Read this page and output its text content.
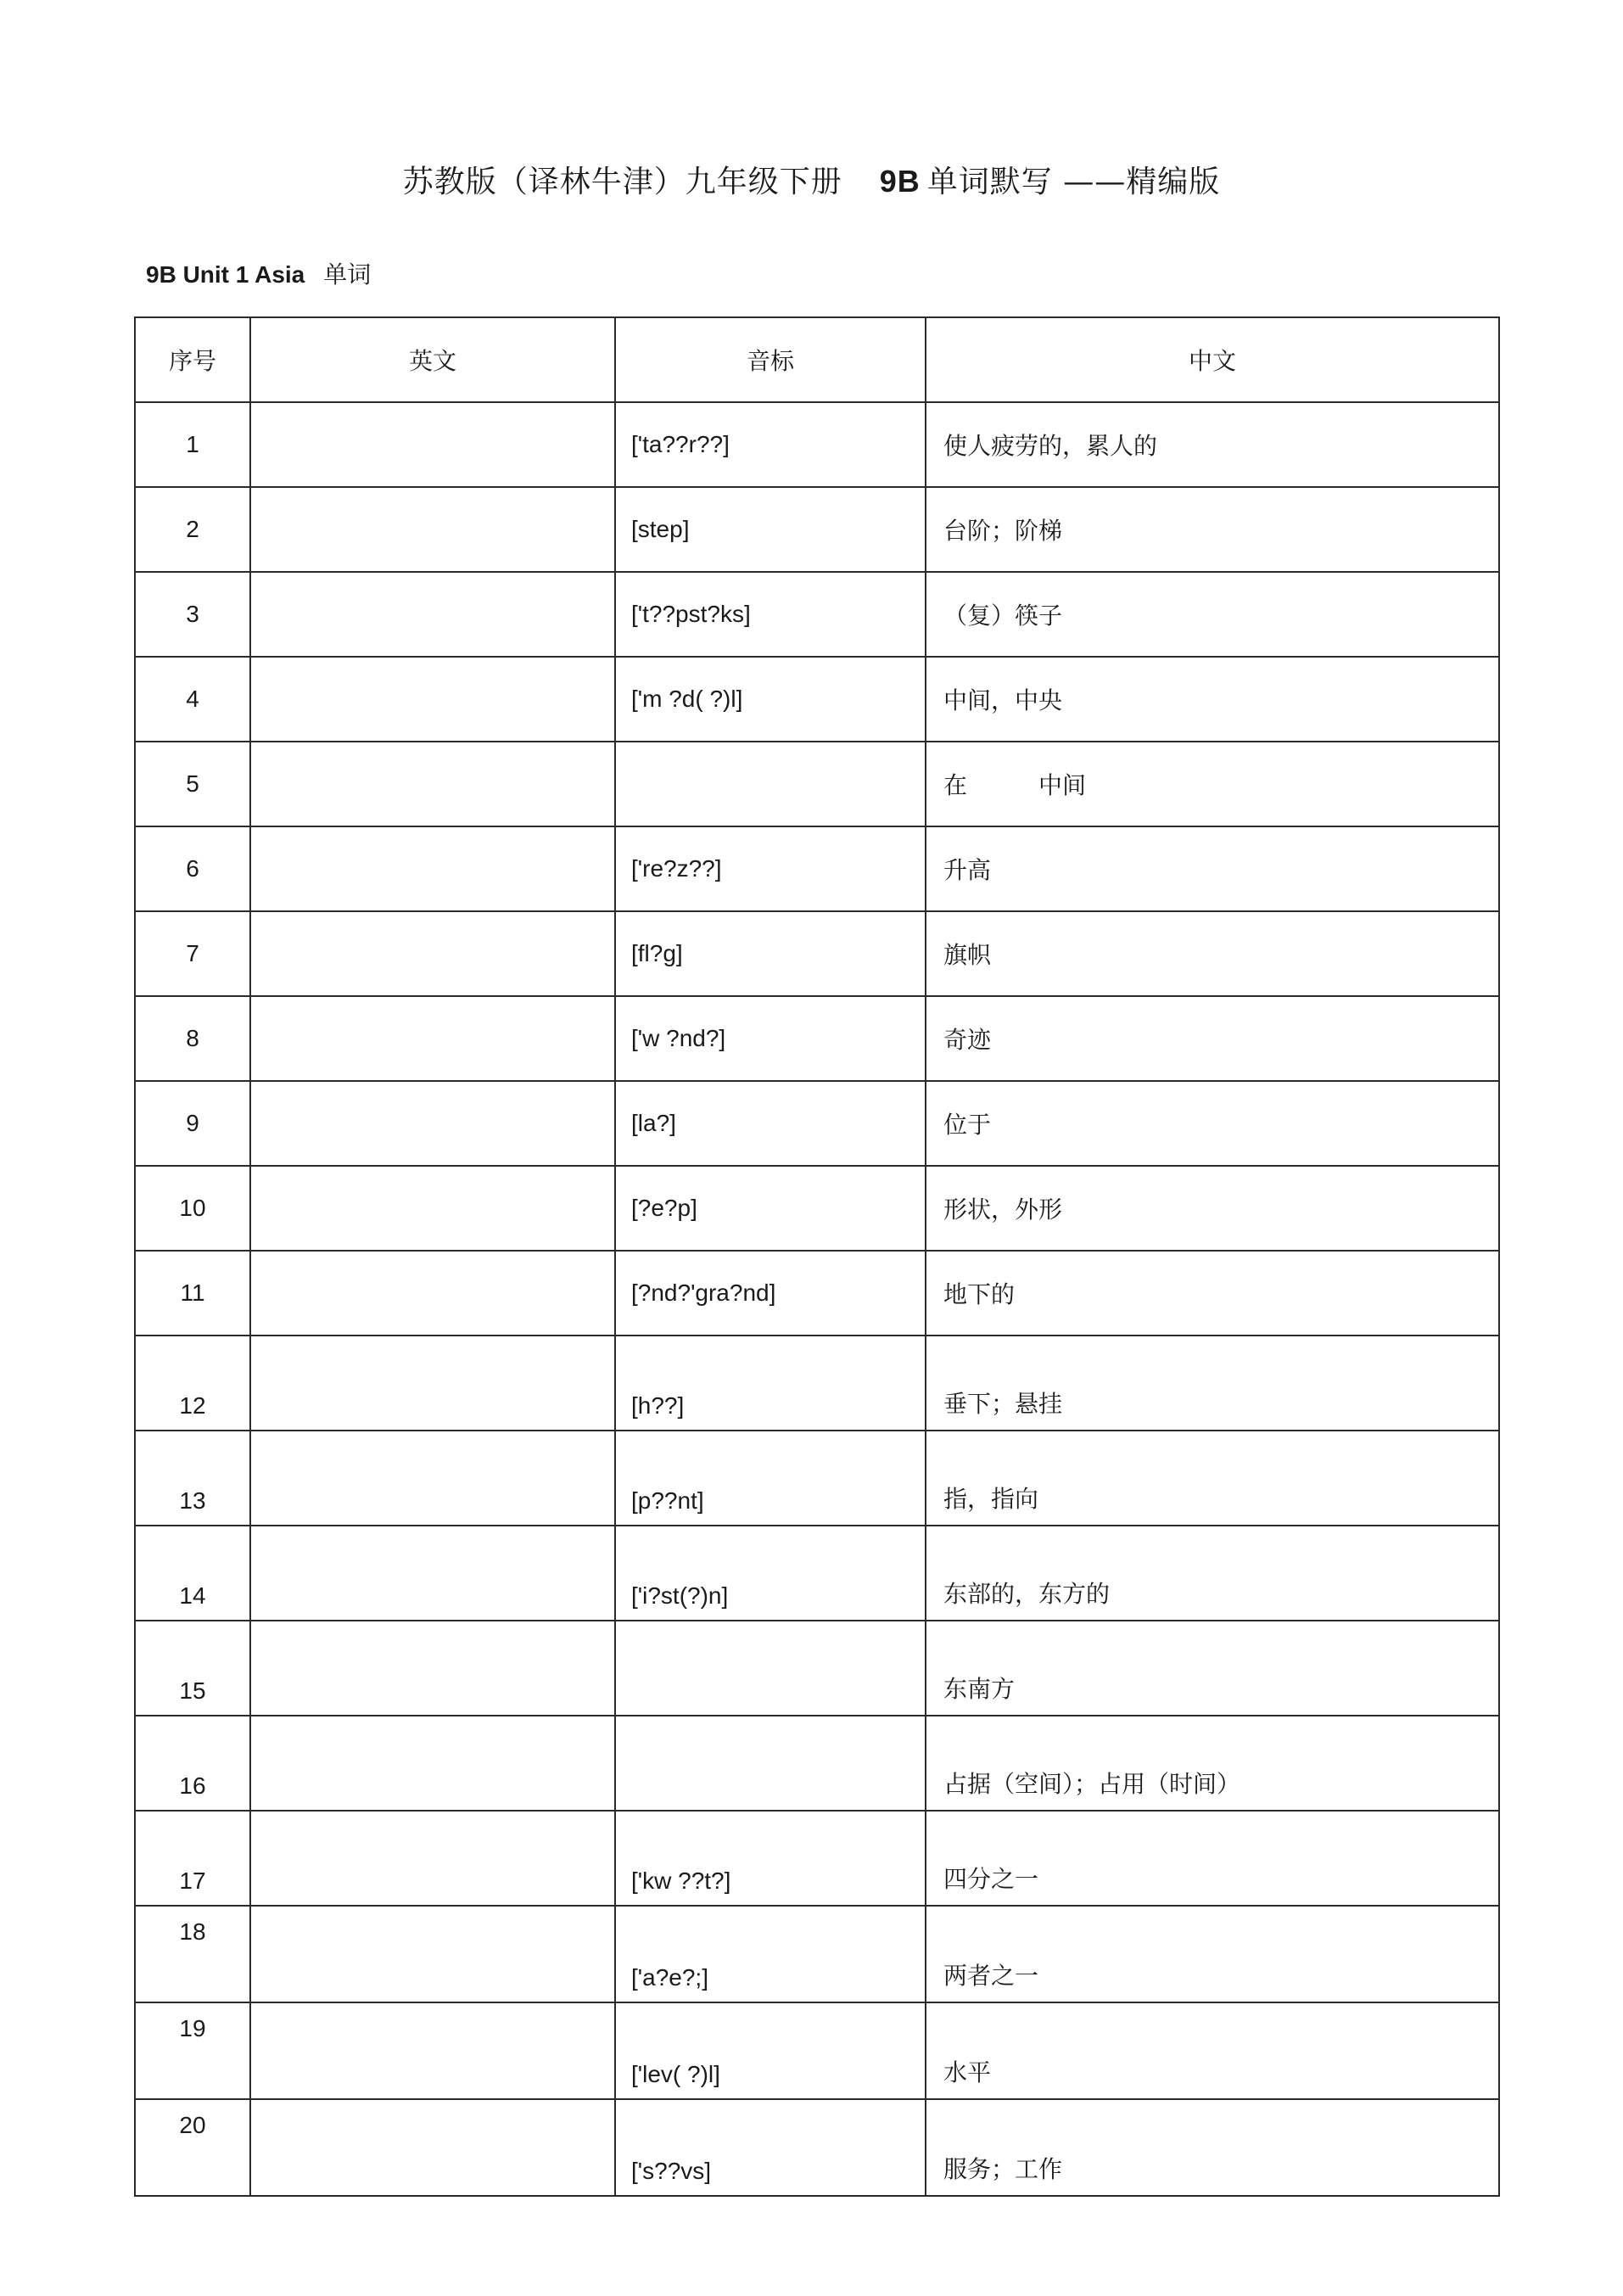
苏教版（译林牛津）九年级下册 9B 单词默写 ——精编版
9B Unit 1 Asia 单词
序号	英文	音标	中文
1		['ta??r??]	使人疲劳的，累人的
2		[step]	台阶；阶梯
3		['t??pst?ks]	（复）筷子
4		['m ?d( ?)l]	中间，中央
5			在　　　中间
6		['re?z??]	升高
7		[fl?g]	旗帜
8		['w ?nd?]	奇迹
9		[la?]	位于
10		[?e?p]	形状，外形
11		[?nd?'gra?nd]	地下的
12		[h??]	垂下；悬挂
13		[p??nt]	指，指向
14		['i?st(?)n]	东部的，东方的
15			东南方
16			占据（空间）；占用（时间）
17		['kw ??t?]	四分之一
18		['a?e?;]	两者之一
19		['lev( ?)l]	水平
20		['s??vs]	服务；工作
